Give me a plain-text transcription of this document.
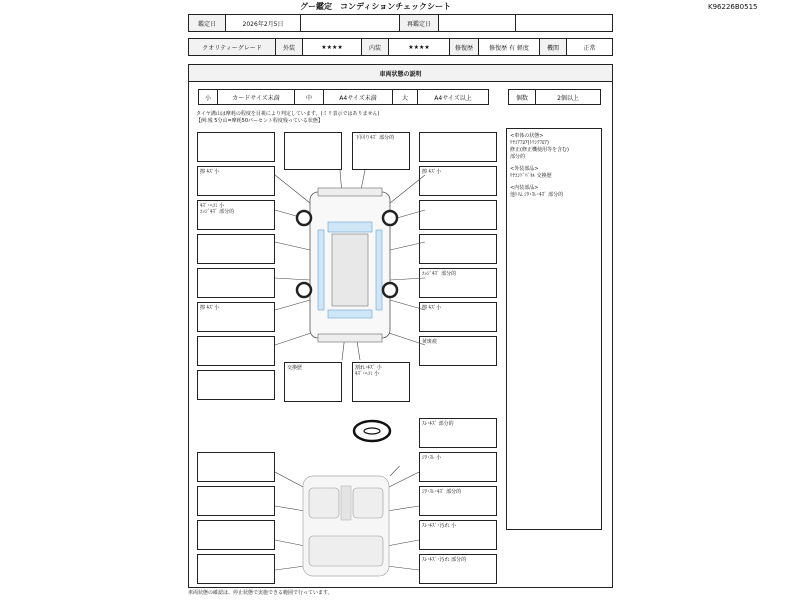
グー鑑定　コンディションチェックシート	K96226B0515
鑑定日	2026年2月5日	再鑑定日
クオリティーグレード	外装	★★★★	内装	★★★★	修復歴	修復歴 有 軽度	機関	正常
車両状態の説明
小	カードサイズ未満	中	A4サイズ未満	大	A4サイズ以上	個数	2個以上
タイヤ溝山は摩耗の程度を目視により判定しています。(ミリ表示ではありません)
【例:残 5分山=摩耗50パーセント程度残っている状態】
<車体の状態>
ﾘﾔｺｱﾌﾛｱ(ﾄﾗﾝｸﾌﾛｱ)
修正(修正機使用等を含む)
部分的
<外装部品>
ﾘﾔｴﾝﾄﾞﾊﾟﾈﾙ 交換歴
<内装部品>
他ﾄﾘﾑ ｼﾜ･ｽﾚ･ｷｽﾞ 部分的
擦 ｷｽﾞ小
ｷｽﾞ･ﾍｺﾐ 小
ｴｯｼﾞｷｽﾞ 部分的
擦 ｷｽﾞ小
下回りｷｽﾞ 部分的
擦 ｷｽﾞ小
ｴｯｼﾞｷｽﾞ 部分的
擦 ｷｽﾞ小
黄斑痕
交換歴	割れ･ｷｽﾞ 小
ｷｽﾞ･ﾍｺﾐ 小
ｽﾚ･ｷｽﾞ 部分的
ｼﾜ･ｽﾚ 小
ｼﾜ･ｽﾚ･ｷｽﾞ 部分的
ｽﾚ･ｷｽﾞ･汚れ 小
ｽﾚ･ｷｽﾞ･汚れ 部分的
車両状態の確認は、停止状態で実施できる範囲で行っています。
